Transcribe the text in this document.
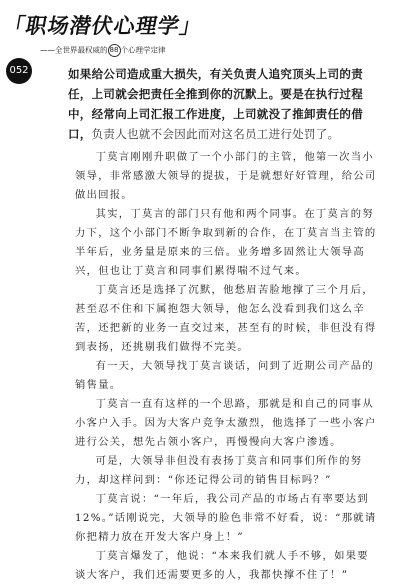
「职场潜伏心理学」
——全世界最权威的 88 个心理学定律
052	如果给公司造成重大损失，有关负责人追究顶头上司的责任，上司就会把责任全推到你的沉默上。要是在执行过程中，经常向上司汇报工作进度，上司就没了推卸责任的借口，负责人也就不会因此而对这名员工进行处罚了。

丁莫言刚刚升职做了一个小部门的主管，他第一次当小领导，非常感激大领导的提拔，于是就想好好管理，给公司做出回报。

其实，丁莫言的部门只有他和两个同事。在丁莫言的努力下，这个小部门不断争取到新的合作，在丁莫言当主管的半年后，业务量是原来的三倍。业务增多固然让大领导高兴，但也让丁莫言和同事们累得喘不过气来。

丁莫言还是选择了沉默，他愁眉苦脸地撑了三个月后，甚至忍不住和下属抱怨大领导，他怎么没看到我们这么辛苦，还把新的业务一直交过来，甚至有的时候，非但没有得到表扬，还挑剔我们做得不完美。

有一天，大领导找丁莫言谈话，问到了近期公司产品的销售量。

丁莫言一直有这样的一个思路，那就是和自己的同事从小客户入手。因为大客户竞争太激烈，他选择了一些小客户进行公关，想先占领小客户，再慢慢向大客户渗透。

可是，大领导非但没有表扬丁莫言和同事们所作的努力，却这样问到：“你还记得公司的销售目标吗？”

丁莫言说：“一年后，我公司产品的市场占有率要达到12%。”话刚说完，大领导的脸色非常不好看，说：“那就请你把精力放在开发大客户身上！”

丁莫言爆发了，他说：“本来我们就人手不够，如果要谈大客户，我们还需要更多的人，我都快撑不住了！”
